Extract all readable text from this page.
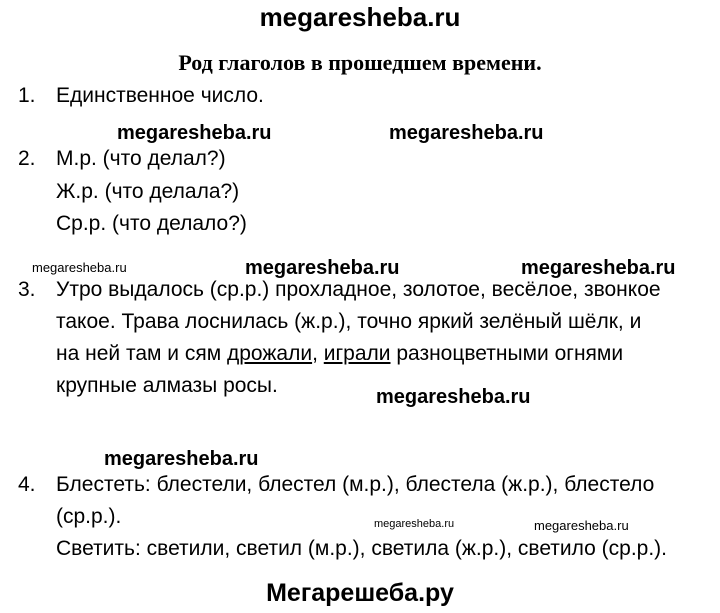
megaresheba.ru
Род глаголов в прошедшем времени.
1. Единственное число.
megaresheba.ru	megaresheba.ru
2. М.р. (что делал?)
Ж.р. (что делала?)
Ср.р. (что делало?)
megaresheba.ru	megaresheba.ru	megaresheba.ru
3. Утро выдалось (ср.р.) прохладное, золотое, весёлое, звонкое
такое. Трава лоснилась (ж.р.), точно яркий зелёный шёлк, и
на ней там и сям дрожали, играли разноцветными огнями
крупные алмазы росы.	megaresheba.ru
megaresheba.ru
4. Блестеть: блестели, блестел (м.р.), блестела (ж.р.), блестело
(ср.р.).	megaresheba.ru	megaresheba.ru
Светить: светили, светил (м.р.), светила (ж.р.), светило (ср.р.).
Мегарешеба.ру
